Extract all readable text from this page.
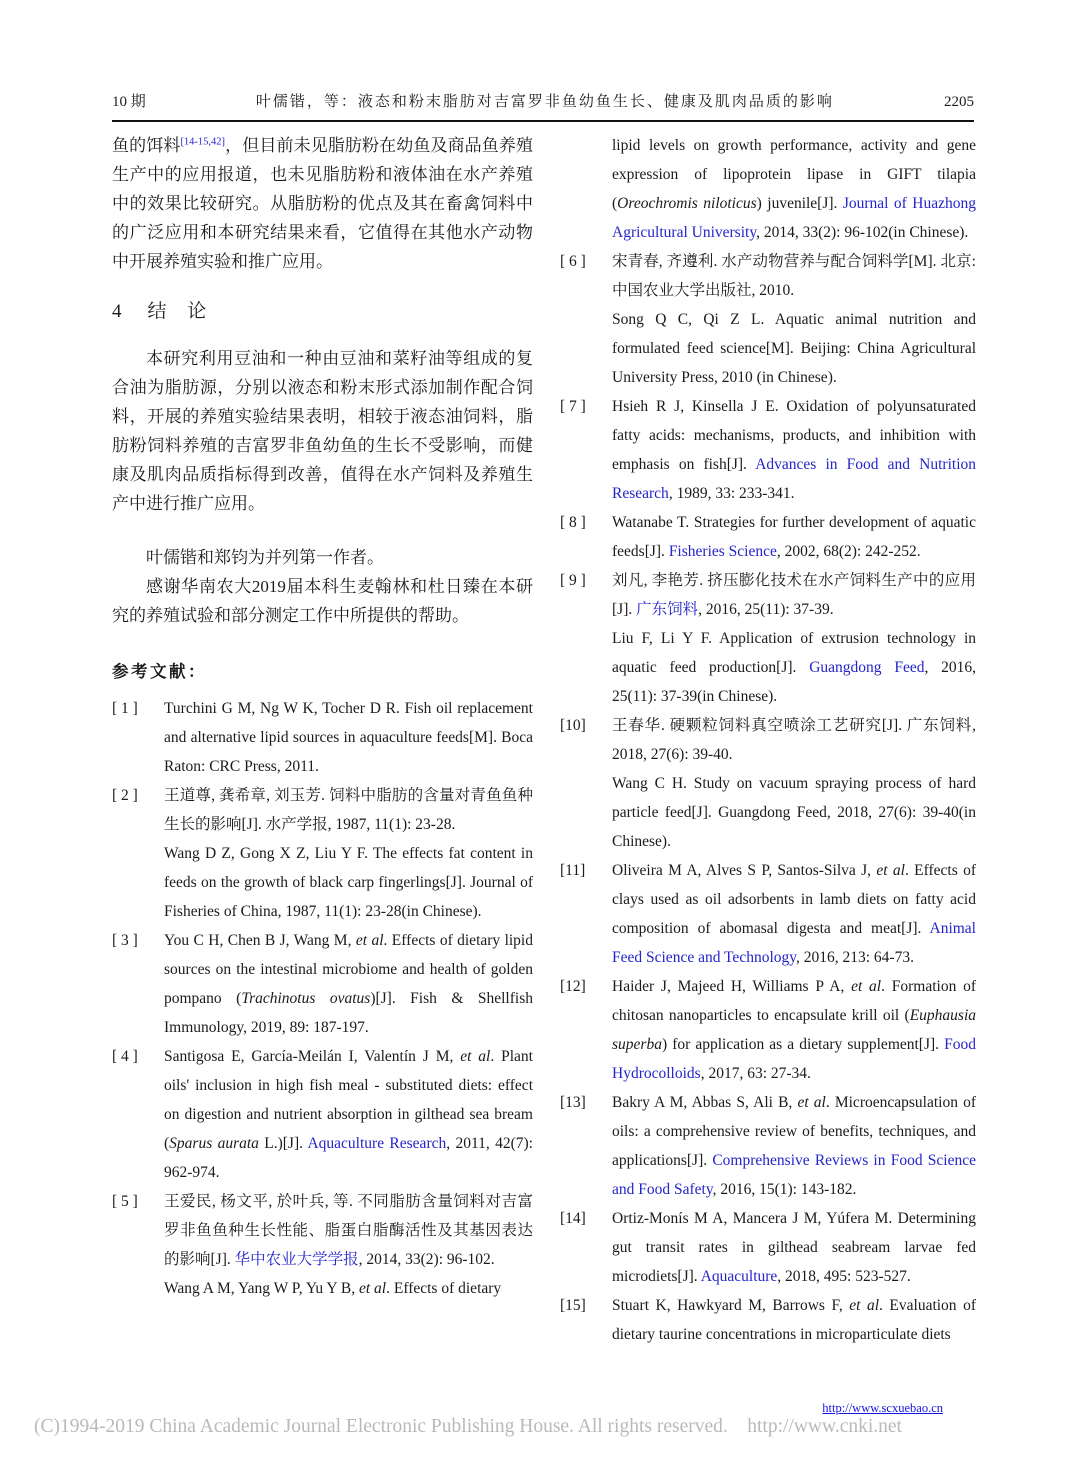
10 期	叶儒锴，等：液态和粉末脂肪对吉富罗非鱼幼鱼生长、健康及肌肉品质的影响	2205
鱼的饵料[14-15,42]，但目前未见脂肪粉在幼鱼及商品鱼养殖生产中的应用报道，也未见脂肪粉和液体油在水产养殖中的效果比较研究。从脂肪粉的优点及其在畜禽饲料中的广泛应用和本研究结果来看，它值得在其他水产动物中开展养殖实验和推广应用。
4 结 论
本研究利用豆油和一种由豆油和菜籽油等组成的复合油为脂肪源，分别以液态和粉末形式添加制作配合饲料，开展的养殖实验结果表明，相较于液态油饲料，脂肪粉饲料养殖的吉富罗非鱼幼鱼的生长不受影响，而健康及肌肉品质指标得到改善，值得在水产饲料及养殖生产中进行推广应用。
叶儒锴和郑钧为并列第一作者。
感谢华南农大2019届本科生麦翰林和杜日臻在本研究的养殖试验和部分测定工作中所提供的帮助。
参考文献：
[ 1 ] Turchini G M, Ng W K, Tocher D R. Fish oil replacement and alternative lipid sources in aquaculture feeds[M]. Boca Raton: CRC Press, 2011.
[ 2 ] 王道尊, 龚希章, 刘玉芳. 饲料中脂肪的含量对青鱼鱼种生长的影响[J]. 水产学报, 1987, 11(1): 23-28.
Wang D Z, Gong X Z, Liu Y F. The effects fat content in feeds on the growth of black carp fingerlings[J]. Journal of Fisheries of China, 1987, 11(1): 23-28(in Chinese).
[ 3 ] You C H, Chen B J, Wang M, et al. Effects of dietary lipid sources on the intestinal microbiome and health of golden pompano (Trachinotus ovatus)[J]. Fish & Shellfish Immunology, 2019, 89: 187-197.
[ 4 ] Santigosa E, García-Meilán I, Valentín J M, et al. Plant oils' inclusion in high fish meal - substituted diets: effect on digestion and nutrient absorption in gilthead sea bream (Sparus aurata L.)[J]. Aquaculture Research, 2011, 42(7): 962-974.
[ 5 ] 王爱民, 杨文平, 於叶兵, 等. 不同脂肪含量饲料对吉富罗非鱼鱼种生长性能、脂蛋白脂酶活性及其基因表达的影响[J]. 华中农业大学学报, 2014, 33(2): 96-102.
Wang A M, Yang W P, Yu Y B, et al. Effects of dietary
lipid levels on growth performance, activity and gene expression of lipoprotein lipase in GIFT tilapia (Oreochromis niloticus) juvenile[J]. Journal of Huazhong Agricultural University, 2014, 33(2): 96-102(in Chinese).
[ 6 ] 宋青春, 齐遵利. 水产动物营养与配合饲料学[M]. 北京: 中国农业大学出版社, 2010.
Song Q C, Qi Z L. Aquatic animal nutrition and formulated feed science[M]. Beijing: China Agricultural University Press, 2010 (in Chinese).
[ 7 ] Hsieh R J, Kinsella J E. Oxidation of polyunsaturated fatty acids: mechanisms, products, and inhibition with emphasis on fish[J]. Advances in Food and Nutrition Research, 1989, 33: 233-341.
[ 8 ] Watanabe T. Strategies for further development of aquatic feeds[J]. Fisheries Science, 2002, 68(2): 242-252.
[ 9 ] 刘凡, 李艳芳. 挤压膨化技术在水产饲料生产中的应用[J]. 广东饲料, 2016, 25(11): 37-39.
Liu F, Li Y F. Application of extrusion technology in aquatic feed production[J]. Guangdong Feed, 2016, 25(11): 37-39(in Chinese).
[10] 王春华. 硬颗粒饲料真空喷涂工艺研究[J]. 广东饲料, 2018, 27(6): 39-40.
Wang C H. Study on vacuum spraying process of hard particle feed[J]. Guangdong Feed, 2018, 27(6): 39-40(in Chinese).
[11] Oliveira M A, Alves S P, Santos-Silva J, et al. Effects of clays used as oil adsorbents in lamb diets on fatty acid composition of abomasal digesta and meat[J]. Animal Feed Science and Technology, 2016, 213: 64-73.
[12] Haider J, Majeed H, Williams P A, et al. Formation of chitosan nanoparticles to encapsulate krill oil (Euphausia superba) for application as a dietary supplement[J]. Food Hydrocolloids, 2017, 63: 27-34.
[13] Bakry A M, Abbas S, Ali B, et al. Microencapsulation of oils: a comprehensive review of benefits, techniques, and applications[J]. Comprehensive Reviews in Food Science and Food Safety, 2016, 15(1): 143-182.
[14] Ortiz-Monís M A, Mancera J M, Yúfera M. Determining gut transit rates in gilthead seabream larvae fed microdiets[J]. Aquaculture, 2018, 495: 523-527.
[15] Stuart K, Hawkyard M, Barrows F, et al. Evaluation of dietary taurine concentrations in microparticulate diets
http://www.scxuebao.cn
(C)1994-2019 China Academic Journal Electronic Publishing House. All rights reserved.    http://www.cnki.net
